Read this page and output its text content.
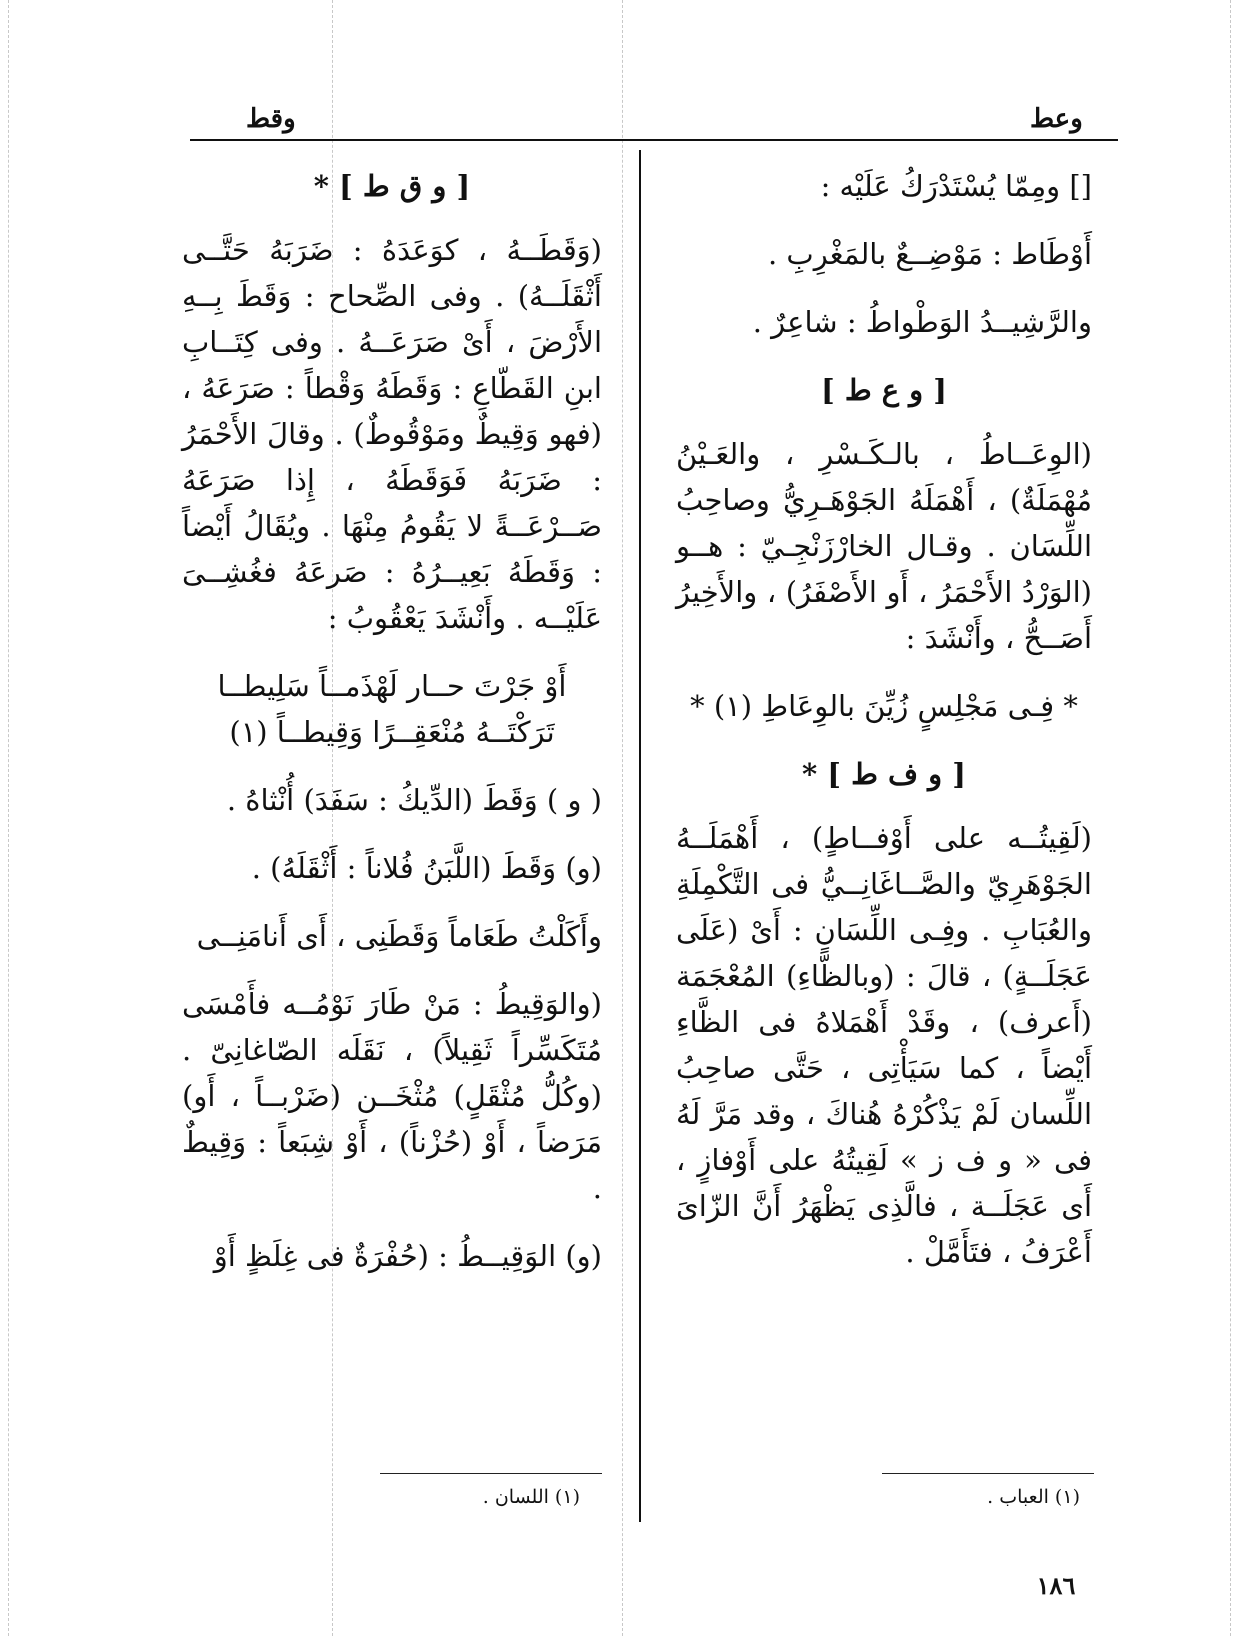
وقط	وعط

[] ومِمّا يُسْتَدْرَكُ عَلَيْه :

أَوْطَاط : مَوْضِــعٌ بالمَغْرِبِ .

والرَّشِيــدُ الوَطْواطُ : شاعِرٌ .

[ و ع ط ]

(الوِعَــاطُ ، بالـكَـسْرِ ، والعَـيْنُ مُهْمَلَةٌ) ، أَهْمَلَهُ الجَوْهَـرِيُّ وصاحِبُ اللِّسَان . وقـال الخارْزَنْجِـيّ : هــو (الوَرْدُ الأَحْمَرُ ، أَو الأَصْفَرُ) ، والأَخِيرُ أَصَــحُّ ، وأَنْشَدَ :

* فِـى مَجْلِسٍ زُيِّنَ بالوِعَاطِ (١) *

[ و ف ط ] *

(لَقِيتُــه على أَوْفــاطٍ) ، أَهْمَلَــهُ الجَوْهَرِيّ والصَّــاغَانِــيُّ فى التَّكْمِلَةِ والعُبَابِ . وفِـى اللِّسَانِ : أَىْ (عَلَى عَجَلَــةٍ) ، قالَ : (وبالظَّاءِ) المُعْجَمَة (أَعرف) ، وقَدْ أَهْمَلاهُ فى الظَّاءِ أَيْضاً ، كما سَيَأْتِى ، حَتَّى صاحِبُ اللِّسان لَمْ يَذْكُرْهُ هُناكَ ، وقد مَرَّ لَهُ فى « و ف ز » لَقِيتُهُ على أَوْفازٍ ، أَى عَجَلَــة ، فالَّذِى يَظْهَرُ أَنَّ الزّاىَ أَعْرَفُ ، فتَأَمَّلْ .

[ و ق ط ] *

(وَقَطَــهُ ، كوَعَدَهُ : ضَرَبَهُ حَتَّــى أَثْقَلَــهُ) . وفى الصِّحاح : وَقَطَ بِــهِ الأَرْضَ ، أَىْ صَرَعَــهُ . وفى كِتَــابِ ابنِ القَطّاعِ : وَقَطَهُ وَقْطاً : صَرَعَهُ ، (فهو وَقِيطٌ ومَوْقُوطٌ) . وقالَ الأَحْمَرُ : ضَرَبَهُ فَوَقَطَهُ ، إِذا صَرَعَهُ صَــرْعَــةً لا يَقُومُ مِنْهَا . ويُقَالُ أَيْضاً : وَقَطَهُ بَعِيــرُهُ : صَرعَهُ فغُشِــىَ عَلَيْــه . وأَنْشَدَ يَعْقُوبُ :

أَوْ جَرْتَ حــار لَهْذَمــاً سَلِيطــا
تَرَكْتَــهُ مُنْعَقِــرًا وَقِيطــاً (١)

( و ) وَقَطَ (الدِّيكُ : سَفَدَ) أُنْثاهُ .

(و) وَقَطَ (اللَّبَنُ فُلاناً : أَثْقَلَهُ) .

وأَكَلْتُ طَعَاماً وَقَطَنِى ، أَى أَنامَنِــى

(والوَقِيطُ : مَنْ طَارَ نَوْمُــه فأَمْسَى مُتَكَسِّراً ثَقِيلاً) ، نَقَلَه الصّاغانِىّ . (وكُلُّ مُثْقَلٍ) مُثْخَــن (ضَرْبــاً ، أَو) مَرَضاً ، أَوْ (حُزْناً) ، أَوْ شِبَعاً : وَقِيطٌ .

(و) الوَقِيــطُ : (حُفْرَةٌ فى غِلَظٍ أَوْ

(١) العباب .
(١) اللسان .
١٨٦
